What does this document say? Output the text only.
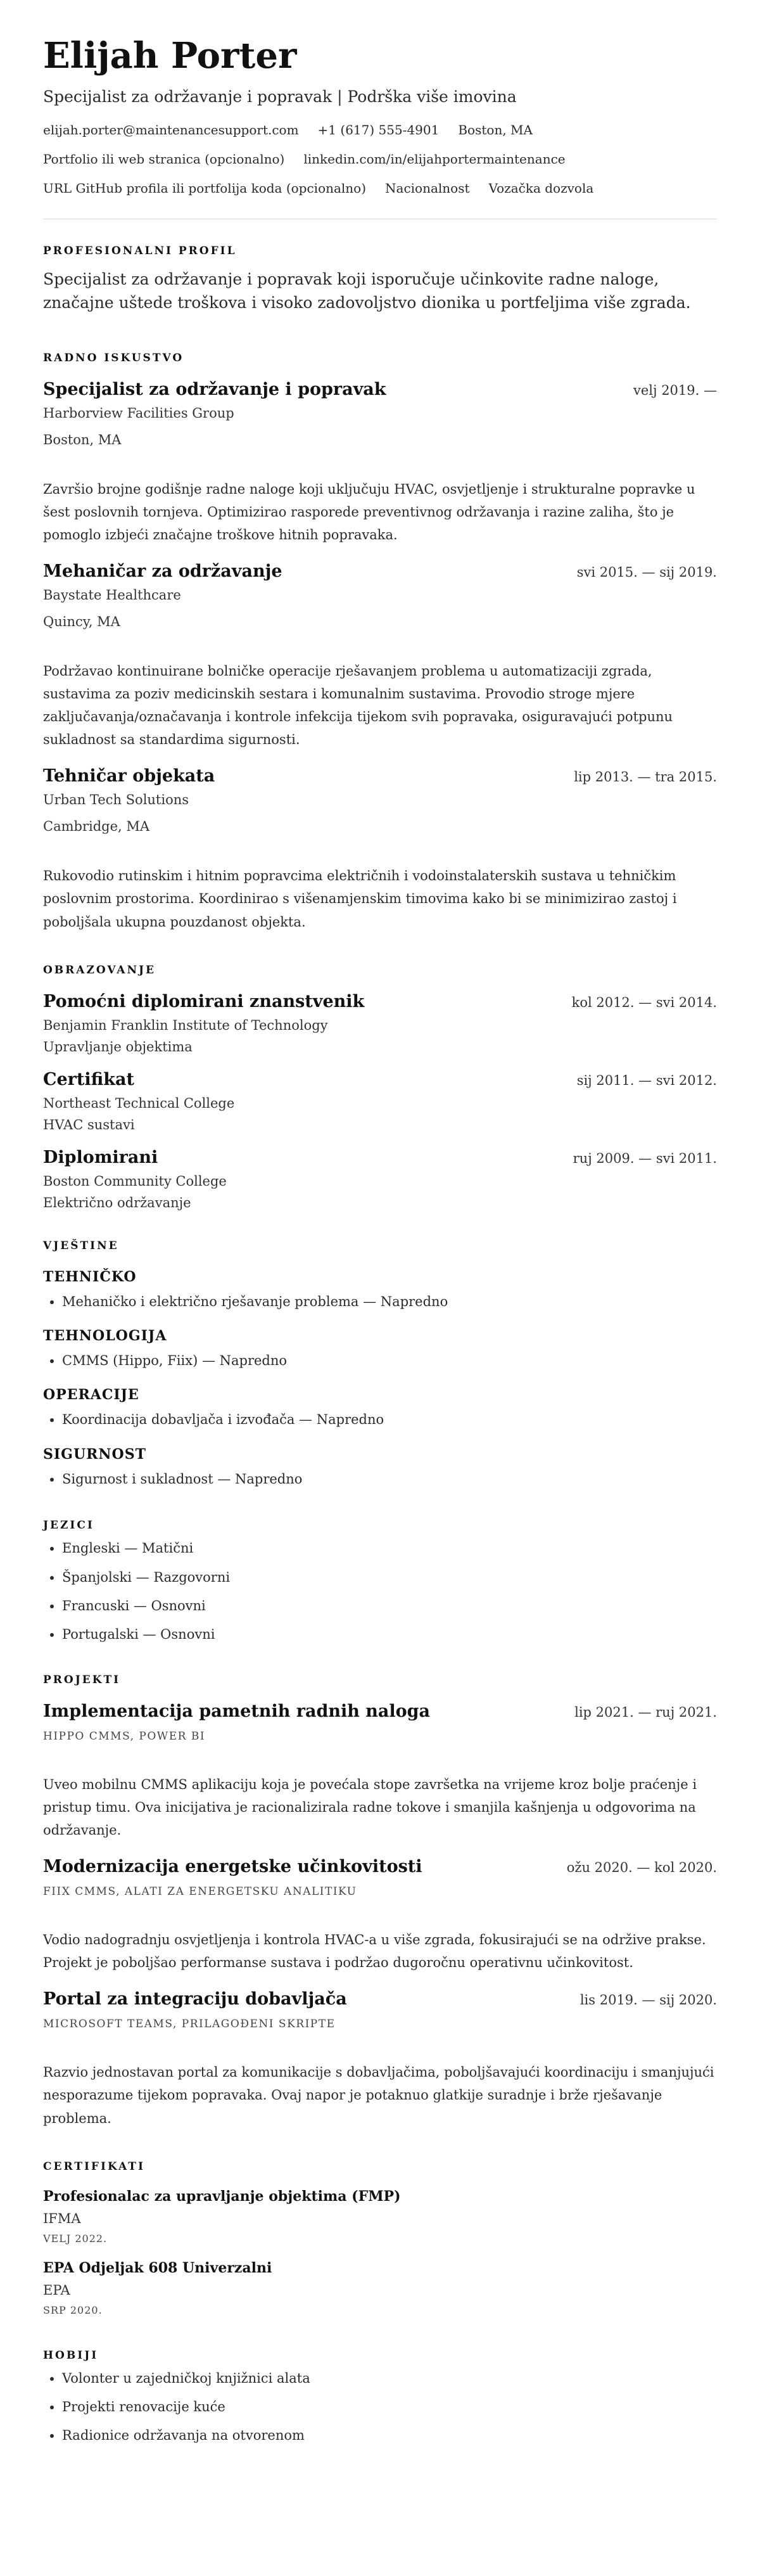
Elijah Porter
Specijalist za održavanje i popravak | Podrška više imovina
elijah.porter@maintenancesupport.com +1 (617) 555-4901 Boston, MA
Portfolio ili web stranica (opcionalno) linkedin.com/in/elijahportermaintenance
URL GitHub profila ili portfolija koda (opcionalno) Nacionalnost Vozačka dozvola
PROFESIONALNI PROFIL
Specijalist za održavanje i popravak koji isporučuje učinkovite radne naloge, značajne uštede troškova i visoko zadovoljstvo dionika u portfeljima više zgrada.
RADNO ISKUSTVO
Specijalist za održavanje i popravak	velj 2019. —
Harborview Facilities Group
Boston, MA
Završio brojne godišnje radne naloge koji uključuju HVAC, osvjetljenje i strukturalne popravke u šest poslovnih tornjeva. Optimizirao rasporede preventivnog održavanja i razine zaliha, što je pomoglo izbjeći značajne troškove hitnih popravaka.
Mehaničar za održavanje	svi 2015. — sij 2019.
Baystate Healthcare
Quincy, MA
Podržavao kontinuirane bolničke operacije rješavanjem problema u automatizaciji zgrada, sustavima za poziv medicinskih sestara i komunalnim sustavima. Provodio stroge mjere zaključavanja/označavanja i kontrole infekcija tijekom svih popravaka, osiguravajući potpunu sukladnost sa standardima sigurnosti.
Tehničar objekata	lip 2013. — tra 2015.
Urban Tech Solutions
Cambridge, MA
Rukovodio rutinskim i hitnim popravcima električnih i vodoinstalaterskih sustava u tehničkim poslovnim prostorima. Koordinirao s višenamjenskim timovima kako bi se minimizirao zastoj i poboljšala ukupna pouzdanost objekta.
OBRAZOVANJE
Pomoćni diplomirani znanstvenik	kol 2012. — svi 2014.
Benjamin Franklin Institute of Technology
Upravljanje objektima
Certifikat	sij 2011. — svi 2012.
Northeast Technical College
HVAC sustavi
Diplomirani	ruj 2009. — svi 2011.
Boston Community College
Električno održavanje
VJEŠTINE
TEHNIČKO
• Mehaničko i električno rješavanje problema — Napredno
TEHNOLOGIJA
• CMMS (Hippo, Fiix) — Napredno
OPERACIJE
• Koordinacija dobavljača i izvođača — Napredno
SIGURNOST
• Sigurnost i sukladnost — Napredno
JEZICI
• Engleski — Matični
• Španjolski — Razgovorni
• Francuski — Osnovni
• Portugalski — Osnovni
PROJEKTI
Implementacija pametnih radnih naloga	lip 2021. — ruj 2021.
HIPPO CMMS, POWER BI
Uveo mobilnu CMMS aplikaciju koja je povećala stope završetka na vrijeme kroz bolje praćenje i pristup timu. Ova inicijativa je racionalizirala radne tokove i smanjila kašnjenja u odgovorima na održavanje.
Modernizacija energetske učinkovitosti	ožu 2020. — kol 2020.
FIIX CMMS, ALATI ZA ENERGETSKU ANALITIKU
Vodio nadogradnju osvjetljenja i kontrola HVAC-a u više zgrada, fokusirajući se na održive prakse. Projekt je poboljšao performanse sustava i podržao dugoročnu operativnu učinkovitost.
Portal za integraciju dobavljača	lis 2019. — sij 2020.
MICROSOFT TEAMS, PRILAGOĐENI SKRIPTE
Razvio jednostavan portal za komunikacije s dobavljačima, poboljšavajući koordinaciju i smanjujući nesporazume tijekom popravaka. Ovaj napor je potaknuo glatkije suradnje i brže rješavanje problema.
CERTIFIKATI
Profesionalac za upravljanje objektima (FMP)
IFMA
VELJ 2022.
EPA Odjeljak 608 Univerzalni
EPA
SRP 2020.
HOBIJI
• Volonter u zajedničkoj knjižnici alata
• Projekti renovacije kuće
• Radionice održavanja na otvorenom
